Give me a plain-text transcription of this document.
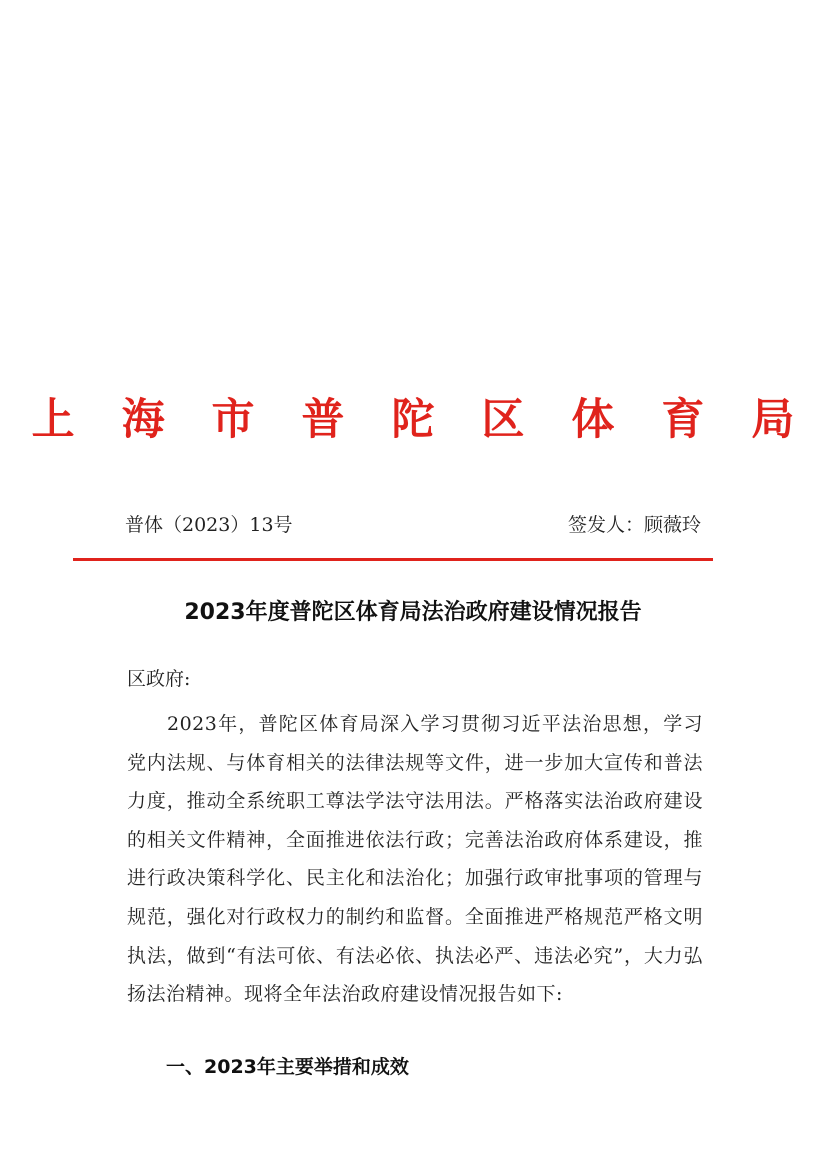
上 海 市 普 陀 区 体 育 局
普体（2023）13号	签发人：顾薇玲
2023年度普陀区体育局法治政府建设情况报告
区政府:

2023年，普陀区体育局深入学习贯彻习近平法治思想，学习党内法规、与体育相关的法律法规等文件，进一步加大宣传和普法力度，推动全系统职工尊法学法守法用法。严格落实法治政府建设的相关文件精神，全面推进依法行政；完善法治政府体系建设，推进行政决策科学化、民主化和法治化；加强行政审批事项的管理与规范，强化对行政权力的制约和监督。全面推进严格规范严格文明执法，做到“有法可依、有法必依、执法必严、违法必究”，大力弘扬法治精神。现将全年法治政府建设情况报告如下:

一、2023年主要举措和成效
